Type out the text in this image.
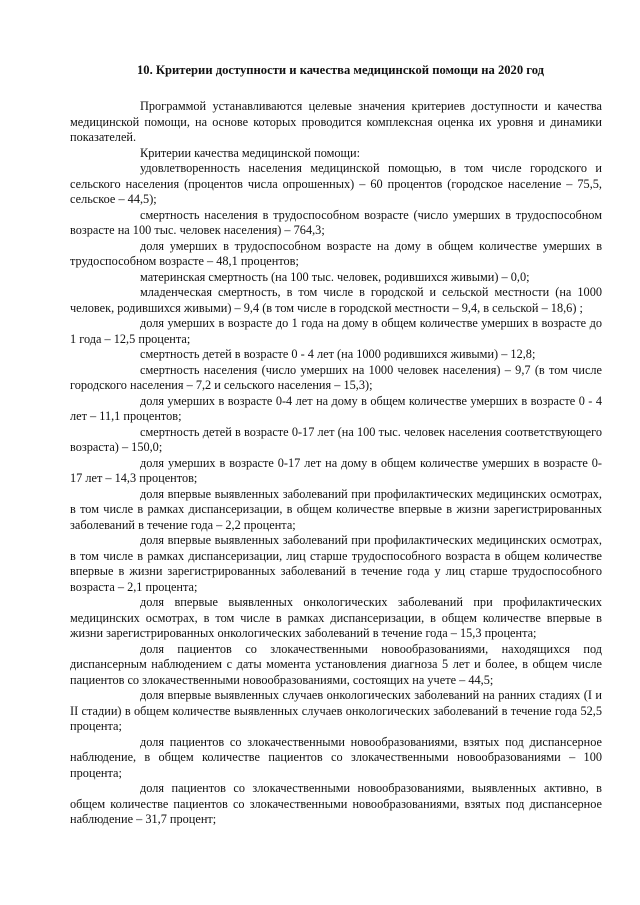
10. Критерии доступности и качества медицинской помощи на 2020 год

Программой устанавливаются целевые значения критериев доступности и качества медицинской помощи, на основе которых проводится комплексная оценка их уровня и динамики показателей.

Критерии качества медицинской помощи:

удовлетворенность населения медицинской помощью, в том числе городского и сельского населения (процентов числа опрошенных) – 60 процентов (городское население – 75,5, сельское – 44,5);

смертность населения в трудоспособном возрасте (число умерших в трудоспособном возрасте на 100 тыс. человек населения) – 764,3;

доля умерших в трудоспособном возрасте на дому в общем количестве умерших в трудоспособном возрасте – 48,1 процентов;

материнская смертность (на 100 тыс. человек, родившихся живыми) – 0,0;

младенческая смертность, в том числе в городской и сельской местности (на 1000 человек, родившихся живыми) – 9,4 (в том числе в городской местности – 9,4, в сельской – 18,6) ;

доля умерших в возрасте до 1 года на дому в общем количестве умерших в возрасте до 1 года – 12,5 процента;

смертность детей в возрасте 0 - 4 лет (на 1000 родившихся живыми) – 12,8;

смертность населения (число умерших на 1000 человек населения) – 9,7 (в том числе городского населения – 7,2 и сельского населения – 15,3);

доля умерших в возрасте 0-4 лет на дому в общем количестве умерших в возрасте 0 - 4 лет – 11,1 процентов;

смертность детей в возрасте 0-17 лет (на 100 тыс. человек населения соответствующего возраста) – 150,0;

доля умерших в возрасте 0-17 лет на дому в общем количестве умерших в возрасте 0-17 лет – 14,3 процентов;

доля впервые выявленных заболеваний при профилактических медицинских осмотрах, в том числе в рамках диспансеризации, в общем количестве впервые в жизни зарегистрированных заболеваний в течение года – 2,2 процента;

доля впервые выявленных заболеваний при профилактических медицинских осмотрах, в том числе в рамках диспансеризации, лиц старше трудоспособного возраста в общем количестве впервые в жизни зарегистрированных заболеваний в течение года у лиц старше трудоспособного возраста – 2,1 процента;

доля впервые выявленных онкологических заболеваний при профилактических медицинских осмотрах, в том числе в рамках диспансеризации, в общем количестве впервые в жизни зарегистрированных онкологических заболеваний в течение года – 15,3 процента;

доля пациентов со злокачественными новообразованиями, находящихся под диспансерным наблюдением с даты момента установления диагноза 5 лет и более, в общем числе пациентов со злокачественными новообразованиями, состоящих на учете – 44,5;

доля впервые выявленных случаев онкологических заболеваний на ранних стадиях (I и II стадии) в общем количестве выявленных случаев онкологических заболеваний в течение года 52,5 процента;

доля пациентов со злокачественными новообразованиями, взятых под диспансерное наблюдение, в общем количестве пациентов со злокачественными новообразованиями – 100 процента;

доля пациентов со злокачественными новообразованиями, выявленных активно, в общем количестве пациентов со злокачественными новообразованиями, взятых под диспансерное наблюдение – 31,7 процент;
